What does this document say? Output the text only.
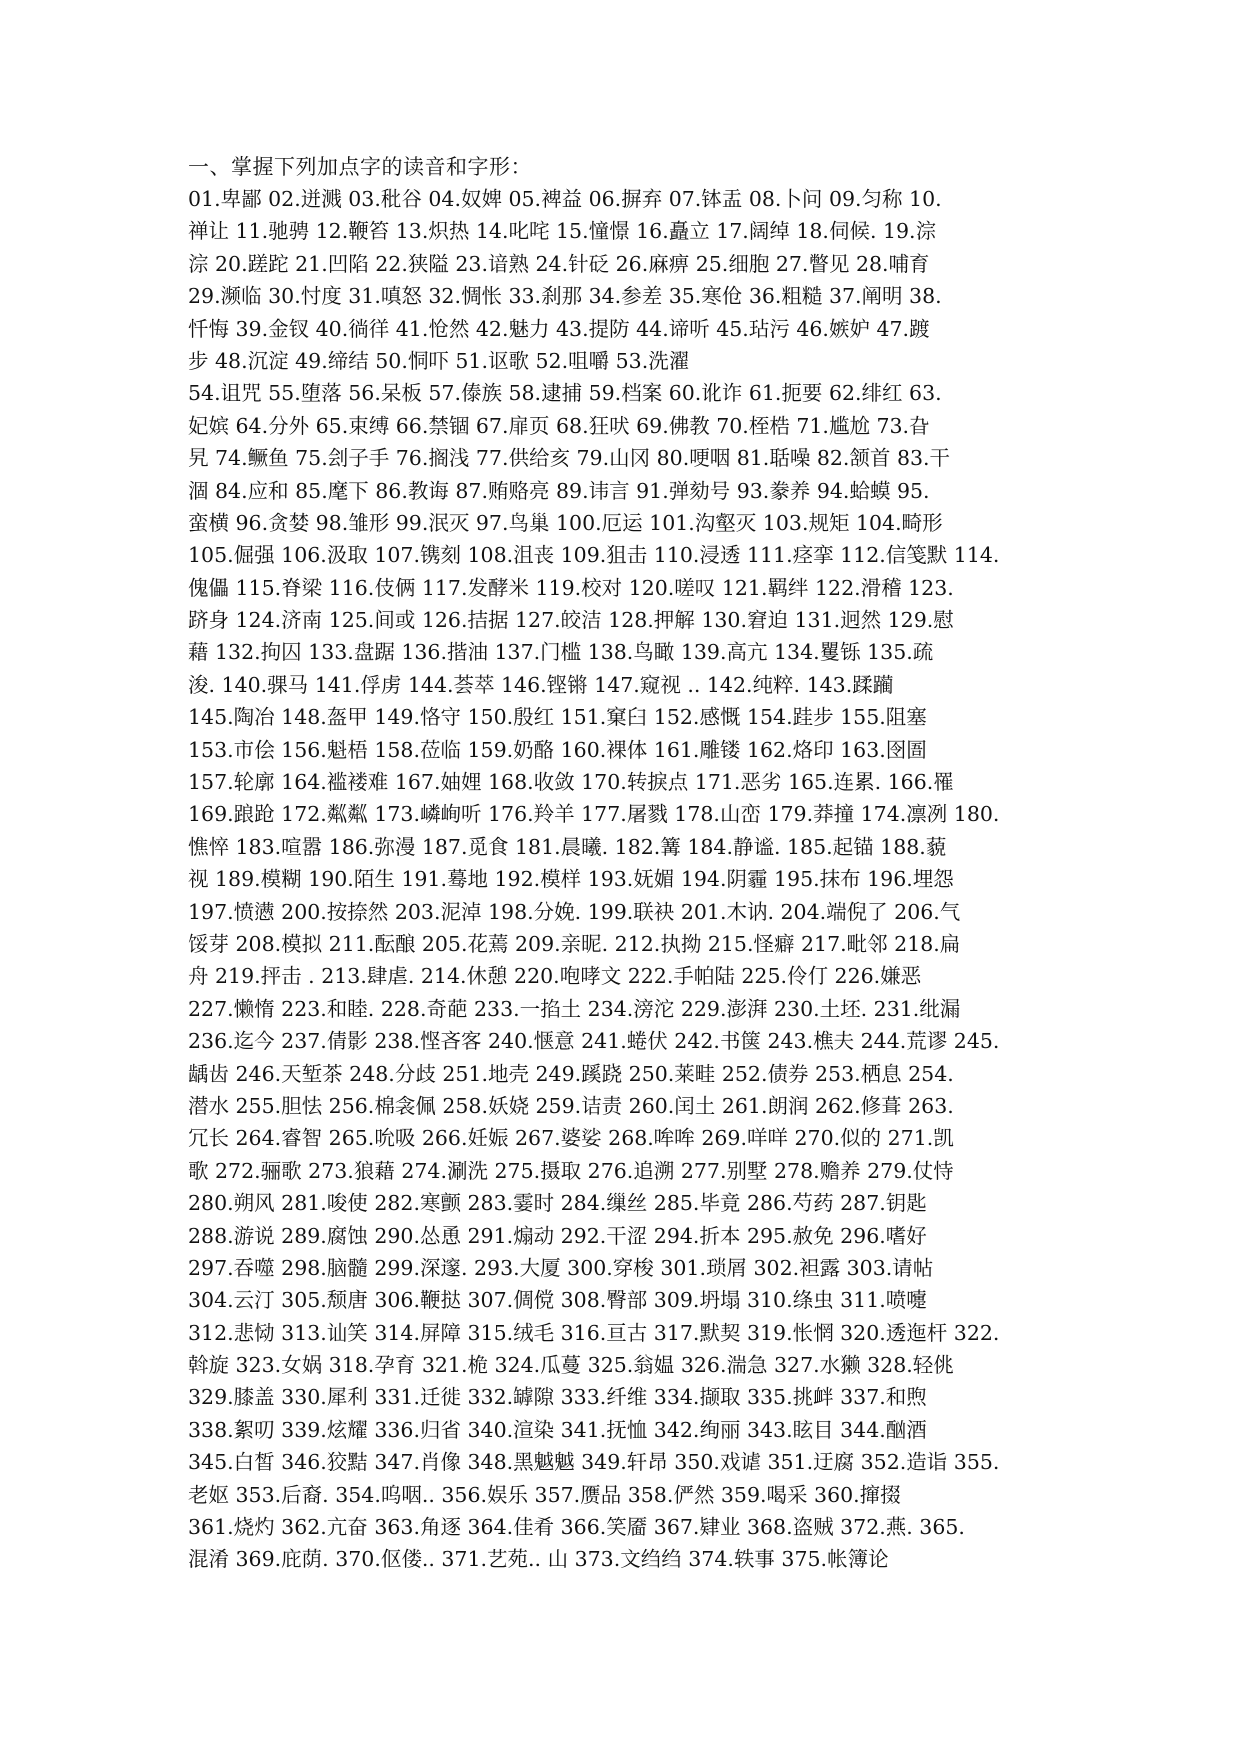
一、掌握下列加点字的读音和字形：
01.卑鄙 02.迸溅 03.秕谷 04.奴婢 05.裨益 06.摒弃 07.钵盂 08.卜问 09.匀称 10.
禅让 11.驰骋 12.鞭笞 13.炽热 14.叱咤 15.憧憬 16.矗立 17.阔绰 18.伺候. 19.淙
淙 20.蹉跎 21.凹陷 22.狭隘 23.谙熟 24.针砭 26.麻痹 25.细胞 27.瞥见 28.哺育
29.濒临 30.忖度 31.嗔怒 32.惆怅 33.刹那 34.参差 35.寒伧 36.粗糙 37.阐明 38.
忏悔 39.金钗 40.徜徉 41.怆然 42.魅力 43.提防 44.谛听 45.玷污 46.嫉妒 47.踱
步 48.沉淀 49.缔结 50.恫吓 51.讴歌 52.咀嚼 53.洗濯
54.诅咒 55.堕落 56.呆板 57.傣族 58.逮捕 59.档案 60.讹诈 61.扼要 62.绯红 63.
妃嫔 64.分外 65.束缚 66.禁锢 67.扉页 68.狂吠 69.佛教 70.桎梏 71.尴尬 73.旮
旯 74.鳜鱼 75.刽子手 76.搁浅 77.供给亥 79.山冈 80.哽咽 81.聒噪 82.颔首 83.干
涸 84.应和 85.麾下 86.教诲 87.贿赂亮 89.讳言 91.弹劾号 93.豢养 94.蛤蟆 95.
蛮横 96.贪婪 98.雏形 99.泯灭 97.鸟巢 100.厄运 101.沟壑灭 103.规矩 104.畸形
105.倔强 106.汲取 107.镌刻 108.沮丧 109.狙击 110.浸透 111.痉挛 112.信笺默 114.
傀儡 115.脊梁 116.伎俩 117.发酵米 119.校对 120.嗟叹 121.羁绊 122.滑稽 123.
跻身 124.济南 125.间或 126.拮据 127.皎洁 128.押解 130.窘迫 131.迥然 129.慰
藉 132.拘囚 133.盘踞 136.揩油 137.门槛 138.鸟瞰 139.高亢 134.矍铄 135.疏
浚. 140.骒马 141.俘虏 144.荟萃 146.铿锵 147.窥视 .. 142.纯粹. 143.蹂躏
145.陶冶 148.盔甲 149.恪守 150.殷红 151.窠臼 152.感慨 154.跬步 155.阻塞
153.市侩 156.魁梧 158.莅临 159.奶酪 160.裸体 161.雕镂 162.烙印 163.囹圄
157.轮廓 164.褴褛难 167.妯娌 168.收敛 170.转捩点 171.恶劣 165.连累. 166.罹
169.踉跄 172.粼粼 173.嶙峋听 176.羚羊 177.屠戮 178.山峦 179.莽撞 174.凛冽 180.
憔悴 183.喧嚣 186.弥漫 187.觅食 181.晨曦. 182.篝 184.静谧. 185.起锚 188.藐
视 189.模糊 190.陌生 191.蓦地 192.模样 193.妩媚 194.阴霾 195.抹布 196.埋怨
197.愤懑 200.按捺然 203.泥淖 198.分娩. 199.联袂 201.木讷. 204.端倪了 206.气
馁芽 208.模拟 211.酝酿 205.花蔫 209.亲昵. 212.执拗 215.怪癖 217.毗邻 218.扁
舟 219.抨击 . 213.肆虐. 214.休憩 220.咆哮文 222.手帕陆 225.伶仃 226.嫌恶
227.懒惰 223.和睦. 228.奇葩 233.一掐土 234.滂沱 229.澎湃 230.土坯. 231.纰漏
236.迄今 237.倩影 238.悭吝客 240.惬意 241.蜷伏 242.书箧 243.樵夫 244.荒谬 245.
龋齿 246.天堑茶 248.分歧 251.地壳 249.蹊跷 250.莱畦 252.债券 253.栖息 254.
潜水 255.胆怯 256.棉衾佩 258.妖娆 259.诘责 260.闰土 261.朗润 262.修葺 263.
冗长 264.睿智 265.吮吸 266.妊娠 267.婆娑 268.哞哞 269.咩咩 270.似的 271.凯
歌 272.骊歌 273.狼藉 274.涮洗 275.摄取 276.追溯 277.别墅 278.赡养 279.仗恃
280.朔风 281.唆使 282.寒颤 283.霎时 284.缫丝 285.毕竟 286.芍药 287.钥匙
288.游说 289.腐蚀 290.怂恿 291.煽动 292.干涩 294.折本 295.赦免 296.嗜好
297.吞噬 298.脑髓 299.深邃. 293.大厦 300.穿梭 301.琐屑 302.袒露 303.请帖
304.云汀 305.颓唐 306.鞭挞 307.倜傥 308.臀部 309.坍塌 310.绦虫 311.喷嚏
312.悲恸 313.讪笑 314.屏障 315.绒毛 316.亘古 317.默契 319.怅惘 320.透迤杆 322.
斡旋 323.女娲 318.孕育 321.桅 324.瓜蔓 325.翁媪 326.湍急 327.水獭 328.轻佻
329.膝盖 330.犀利 331.迁徙 332.罅隙 333.纤维 334.撷取 335.挑衅 337.和煦
338.絮叨 339.炫耀 336.归省 340.渲染 341.抚恤 342.绚丽 343.眩目 344.酗酒
345.白皙 346.狡黠 347.肖像 348.黑魆魆 349.轩昂 350.戏谑 351.迂腐 352.造诣 355.
老妪 353.后裔. 354.呜咽.. 356.娱乐 357.赝品 358.俨然 359.喝采 360.撺掇
361.烧灼 362.亢奋 363.角逐 364.佳肴 366.笑靥 367.肄业 368.盗贼 372.燕. 365.
混淆 369.庇荫. 370.伛偻.. 371.艺苑.. 山 373.文绉绉 374.轶事 375.帐簿论
